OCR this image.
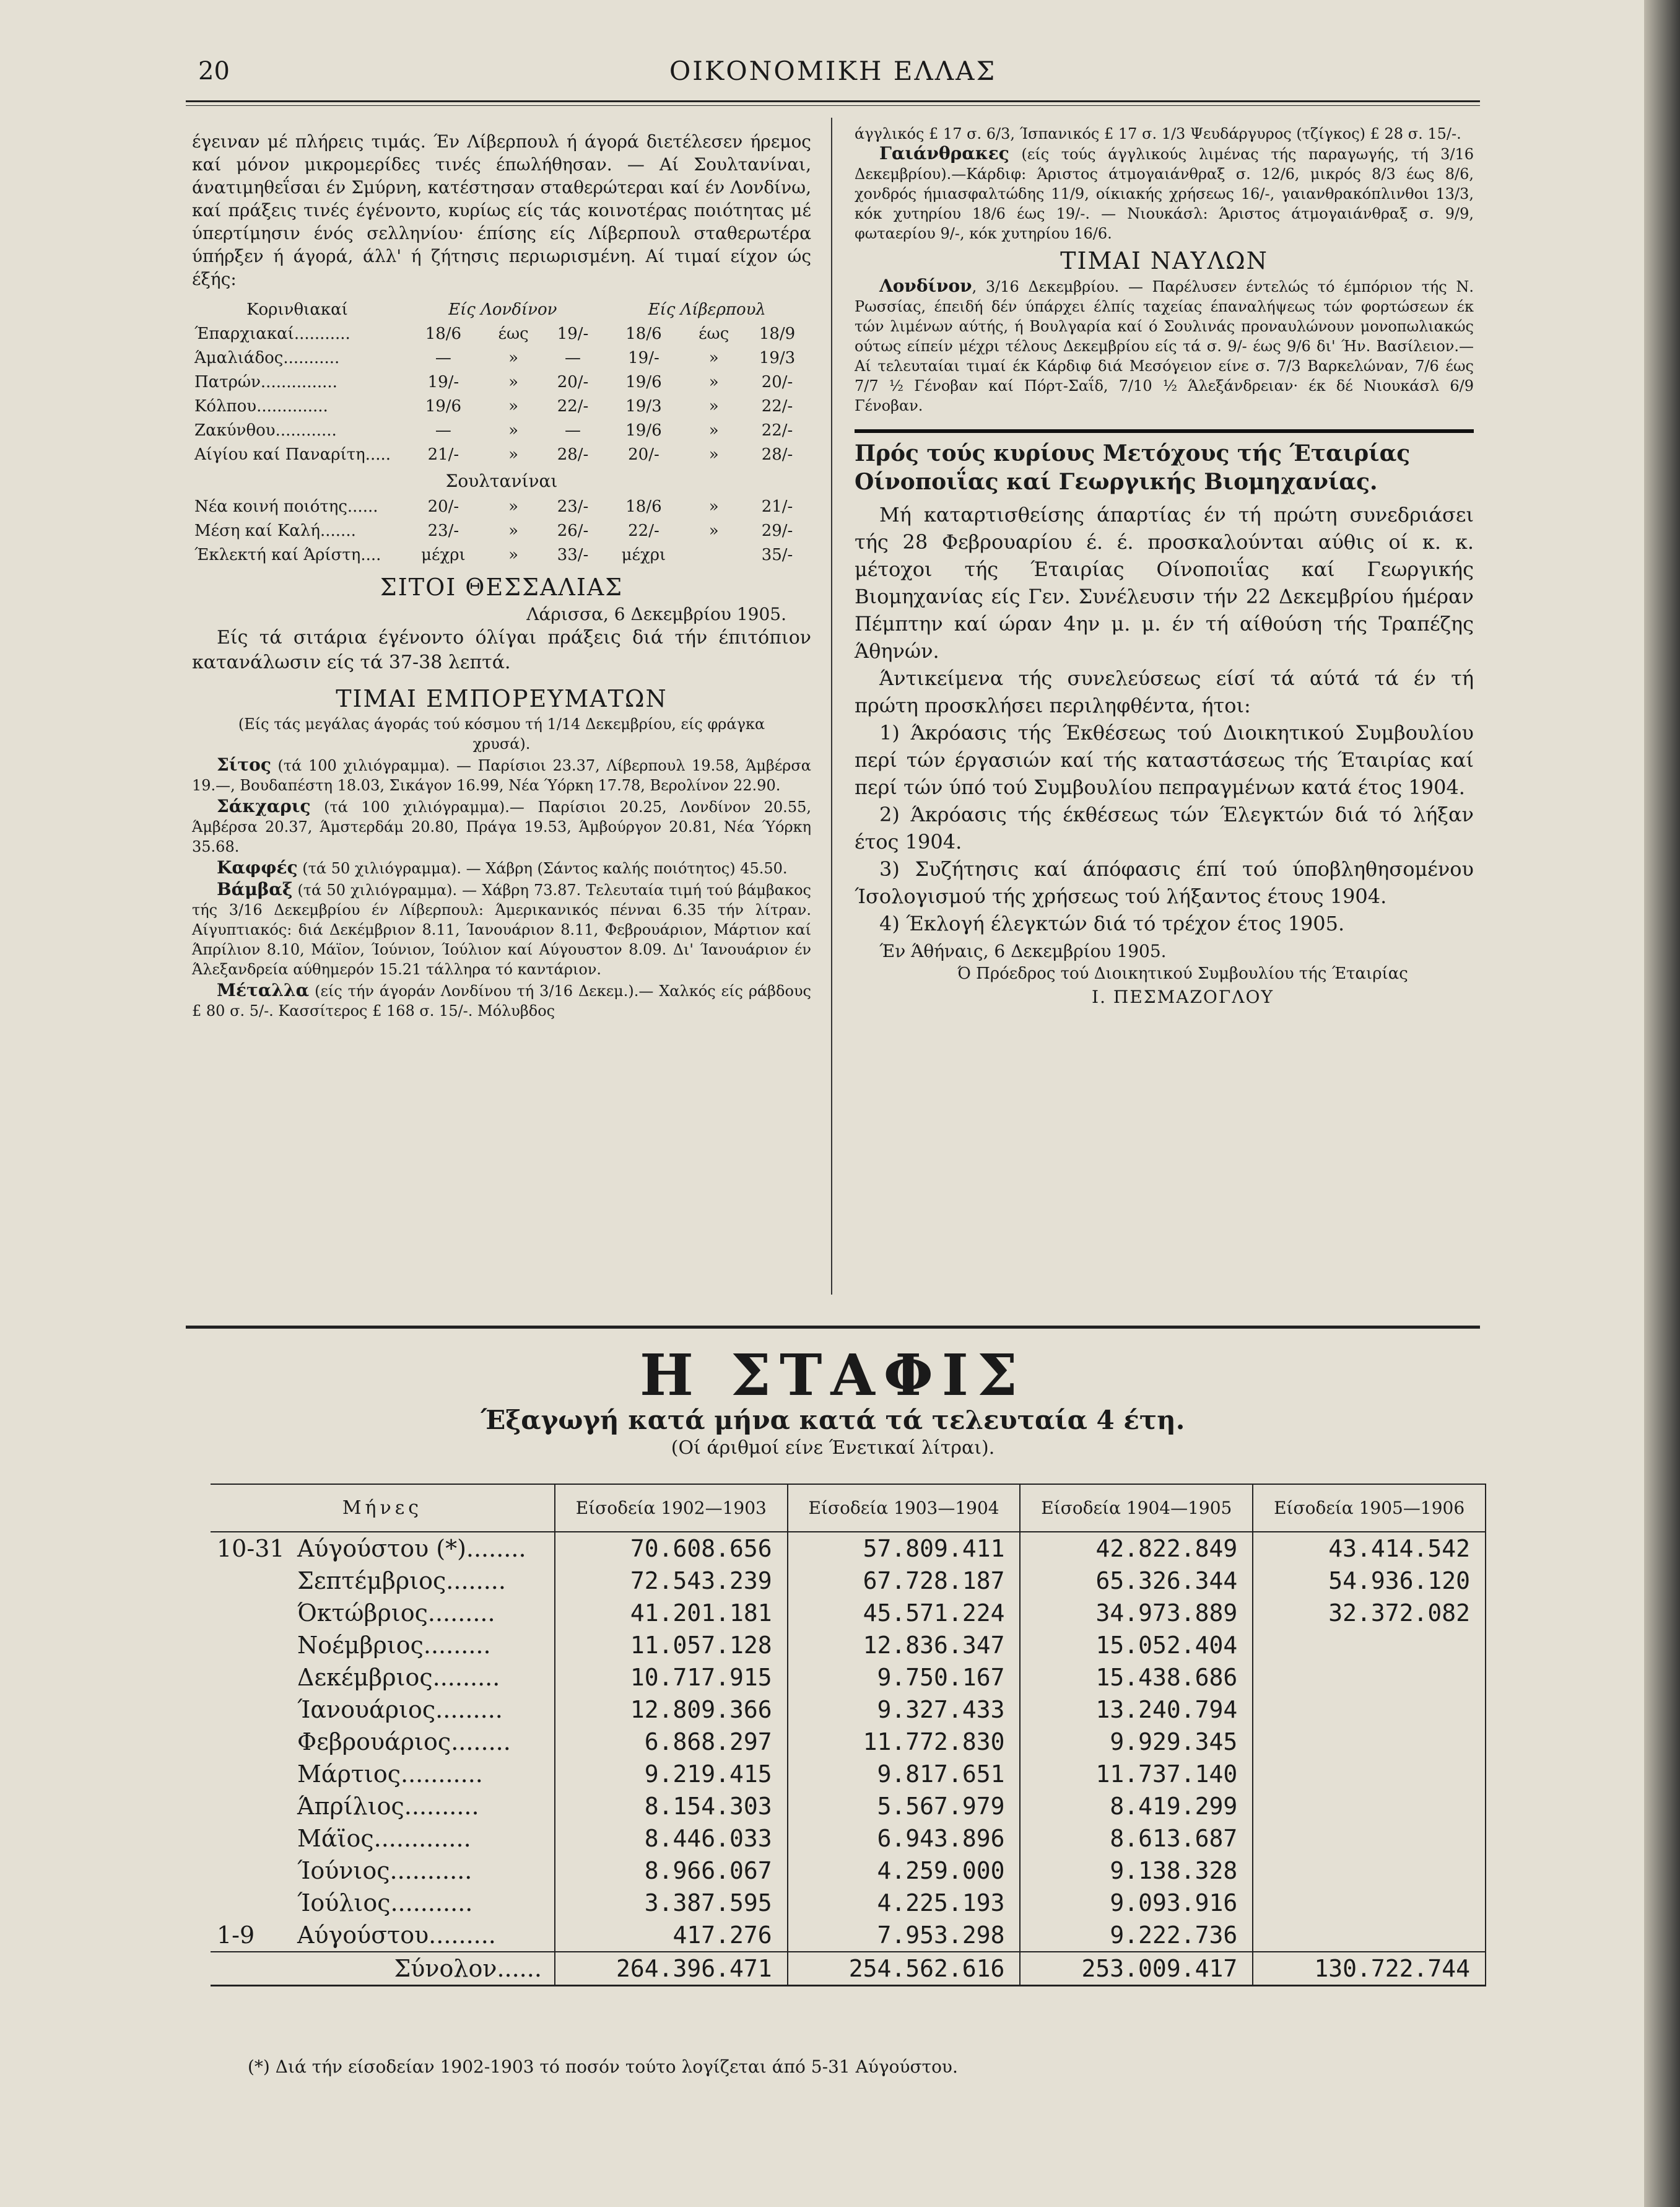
20	ΟΙΚΟΝΟΜΙΚΗ ΕΛΛΑΣ

έγειναν μέ πλήρεις τιμάς. Έν Λίβερπουλ ή άγορά διετέλεσεν ήρεμος καί μόνον μικρομερίδες τινές έπωλήθησαν. — Αί Σουλτανίναι, άνατιμηθεΐσαι έν Σμύρνη, κατέστησαν σταθερώτεραι καί έν Λονδίνω, καί πράξεις τινές έγένοντο, κυρίως είς τάς κοινοτέρας ποιότητας μέ ύπερτίμησιν ένός σελληνίου· έπίσης είς Λίβερπουλ σταθερωτέρα ύπήρξεν ή άγορά, άλλ' ή ζήτησις περιωρισμένη. Αί τιμαί είχον ώς έξής:

Κορινθιακαί	Είς Λονδίνον			Είς Λίβερπουλ		
Έπαρχιακαί...........	18/6	έως	19/-	18/6	έως	18/9
Άμαλιάδος...........	—	»	—	19/-	»	19/3
Πατρών...............	19/-	»	20/-	19/6	»	20/-
Κόλπου..............	19/6	»	22/-	19/3	»	22/-
Ζακύνθου............	—	»	—	19/6	»	22/-
Αίγίου καί Παναρίτη.....	21/-	»	28/-	20/-	»	28/-
Σουλτανίναι						
Νέα κοινή ποιότης......	20/-	»	23/-	18/6	»	21/-
Μέση καί Καλή.......	23/-	»	26/-	22/-	»	29/-
Έκλεκτή καί Άρίστη....	μέχρι	»	33/-	μέχρι		35/-
ΣΙΤΟΙ ΘΕΣΣΑΛΙΑΣ

Λάρισσα, 6 Δεκεμβρίου 1905.

Είς τά σιτάρια έγένοντο όλίγαι πράξεις διά τήν έπιτόπιον κατανάλωσιν είς τά 37-38 λεπτά.

ΤΙΜΑΙ ΕΜΠΟΡΕΥΜΑΤΩΝ

(Είς τάς μεγάλας άγοράς τού κόσμου τή 1/14 Δεκεμβρίου, είς φράγκα χρυσά).

Σίτος (τά 100 χιλιόγραμμα). — Παρίσιοι 23.37, Λίβερπουλ 19.58, Άμβέρσα 19.—, Βουδαπέστη 18.03, Σικάγον 16.99, Νέα Ύόρκη 17.78, Βερολίνον 22.90.

Σάκχαρις (τά 100 χιλιόγραμμα).— Παρίσιοι 20.25, Λονδίνον 20.55, Άμβέρσα 20.37, Άμστερδάμ 20.80, Πράγα 19.53, Άμβούργον 20.81, Νέα Ύόρκη 35.68.

Καφφές (τά 50 χιλιόγραμμα). — Χάβρη (Σάντος καλής ποιότητος) 45.50.

Βάμβαξ (τά 50 χιλιόγραμμα). — Χάβρη 73.87. Τελευταία τιμή τού βάμβακος τής 3/16 Δεκεμβρίου έν Λίβερπουλ: Άμερικανικός πένναι 6.35 τήν λίτραν. Αίγυπτιακός: διά Δεκέμβριον 8.11, Ίανουάριον 8.11, Φεβρουάριον, Μάρτιον καί Άπρίλιον 8.10, Μάϊον, Ίούνιον, Ίούλιον καί Αύγουστον 8.09. Δι' Ίανουάριον έν Άλεξανδρεία αύθημερόν 15.21 τάλληρα τό καντάριον.

Μέταλλα (είς τήν άγοράν Λονδίνου τή 3/16 Δεκεμ.).— Χαλκός είς ράβδους £ 80 σ. 5/-. Κασσίτερος £ 168 σ. 15/-. Μόλυβδος

άγγλικός £ 17 σ. 6/3, Ίσπανικός £ 17 σ. 1/3 Ψευδάργυρος (τζίγκος) £ 28 σ. 15/-.

Γαιάνθρακες (είς τούς άγγλικούς λιμένας τής παραγωγής, τή 3/16 Δεκεμβρίου).—Κάρδιφ: Άριστος άτμογαιάνθραξ σ. 12/6, μικρός 8/3 έως 8/6, χονδρός ήμιασφαλτώδης 11/9, οίκιακής χρήσεως 16/-, γαιανθρακόπλινθοι 13/3, κόκ χυτηρίου 18/6 έως 19/-. — Νιουκάσλ: Άριστος άτμογαιάνθραξ σ. 9/9, φωταερίου 9/-, κόκ χυτηρίου 16/6.

ΤΙΜΑΙ ΝΑΥΛΩΝ

Λονδίνον, 3/16 Δεκεμβρίου. — Παρέλυσεν έντελώς τό έμπόριον τής Ν. Ρωσσίας, έπειδή δέν ύπάρχει έλπίς ταχείας έπαναλήψεως τών φορτώσεων έκ τών λιμένων αύτής, ή Βουλγαρία καί ό Σουλινάς προναυλώνουν μονοπωλιακώς ούτως είπείν μέχρι τέλους Δεκεμβρίου είς τά σ. 9/- έως 9/6 δι' Ήν. Βασίλειον.— Αί τελευταίαι τιμαί έκ Κάρδιφ διά Μεσόγειον είνε σ. 7/3 Βαρκελώναν, 7/6 έως 7/7 ½ Γένοβαν καί Πόρτ-Σαΐδ, 7/10 ½ Άλεξάνδρειαν· έκ δέ Νιουκάσλ 6/9 Γένοβαν.

Πρός τούς κυρίους Μετόχους τής Έταιρίας Οίνοποιΐας καί Γεωργικής Βιομηχανίας.

Μή καταρτισθείσης άπαρτίας έν τή πρώτη συνεδριάσει τής 28 Φεβρουαρίου έ. έ. προσκαλούνται αύθις οί κ. κ. μέτοχοι τής Έταιρίας Οίνοποιΐας καί Γεωργικής Βιομηχανίας είς Γεν. Συνέλευσιν τήν 22 Δεκεμβρίου ήμέραν Πέμπτην καί ώραν 4ην μ. μ. έν τή αίθούση τής Τραπέζης Άθηνών.

Άντικείμενα τής συνελεύσεως είσί τά αύτά τά έν τή πρώτη προσκλήσει περιληφθέντα, ήτοι:

1) Άκρόασις τής Έκθέσεως τού Διοικητικού Συμβουλίου περί τών έργασιών καί τής καταστάσεως τής Έταιρίας καί περί τών ύπό τού Συμβουλίου πεπραγμένων κατά έτος 1904.

2) Άκρόασις τής έκθέσεως τών Έλεγκτών διά τό λήξαν έτος 1904.

3) Συζήτησις καί άπόφασις έπί τού ύποβληθησομένου Ίσολογισμού τής χρήσεως τού λήξαντος έτους 1904.

4) Έκλογή έλεγκτών διά τό τρέχον έτος 1905.

Έν Άθήναις, 6 Δεκεμβρίου 1905.

Ό Πρόεδρος τού Διοικητικού Συμβουλίου τής Έταιρίας

Ι. ΠΕΣΜΑΖΟΓΛΟΥ

Η ΣΤΑΦΙΣ
Έξαγωγή κατά μήνα κατά τά τελευταία 4 έτη.
(Οί άριθμοί είνε Ένετικαί λίτραι).
Μήνες	Είσοδεία 1902—1903	Είσοδεία 1903—1904	Είσοδεία 1904—1905	Είσοδεία 1905—1906
10-31 Αύγούστου (*)........	70.608.656	57.809.411	42.822.849	43.414.542
Σεπτέμβριος........	72.543.239	67.728.187	65.326.344	54.936.120
Όκτώβριος.........	41.201.181	45.571.224	34.973.889	32.372.082
Νοέμβριος.........	11.057.128	12.836.347	15.052.404	
Δεκέμβριος.........	10.717.915	9.750.167	15.438.686	
Ίανουάριος.........	12.809.366	9.327.433	13.240.794	
Φεβρουάριος........	6.868.297	11.772.830	9.929.345	
Μάρτιος...........	9.219.415	9.817.651	11.737.140	
Άπρίλιος..........	8.154.303	5.567.979	8.419.299	
Μάϊος.............	8.446.033	6.943.896	8.613.687	
Ίούνιος...........	8.966.067	4.259.000	9.138.328	
Ίούλιος...........	3.387.595	4.225.193	9.093.916	
1-9 Αύγούστου.........	417.276	7.953.298	9.222.736	
Σύνολον......	264.396.471	254.562.616	253.009.417	130.722.744
(*) Διά τήν είσοδείαν 1902-1903 τό ποσόν τούτο λογίζεται άπό 5-31 Αύγούστου.
